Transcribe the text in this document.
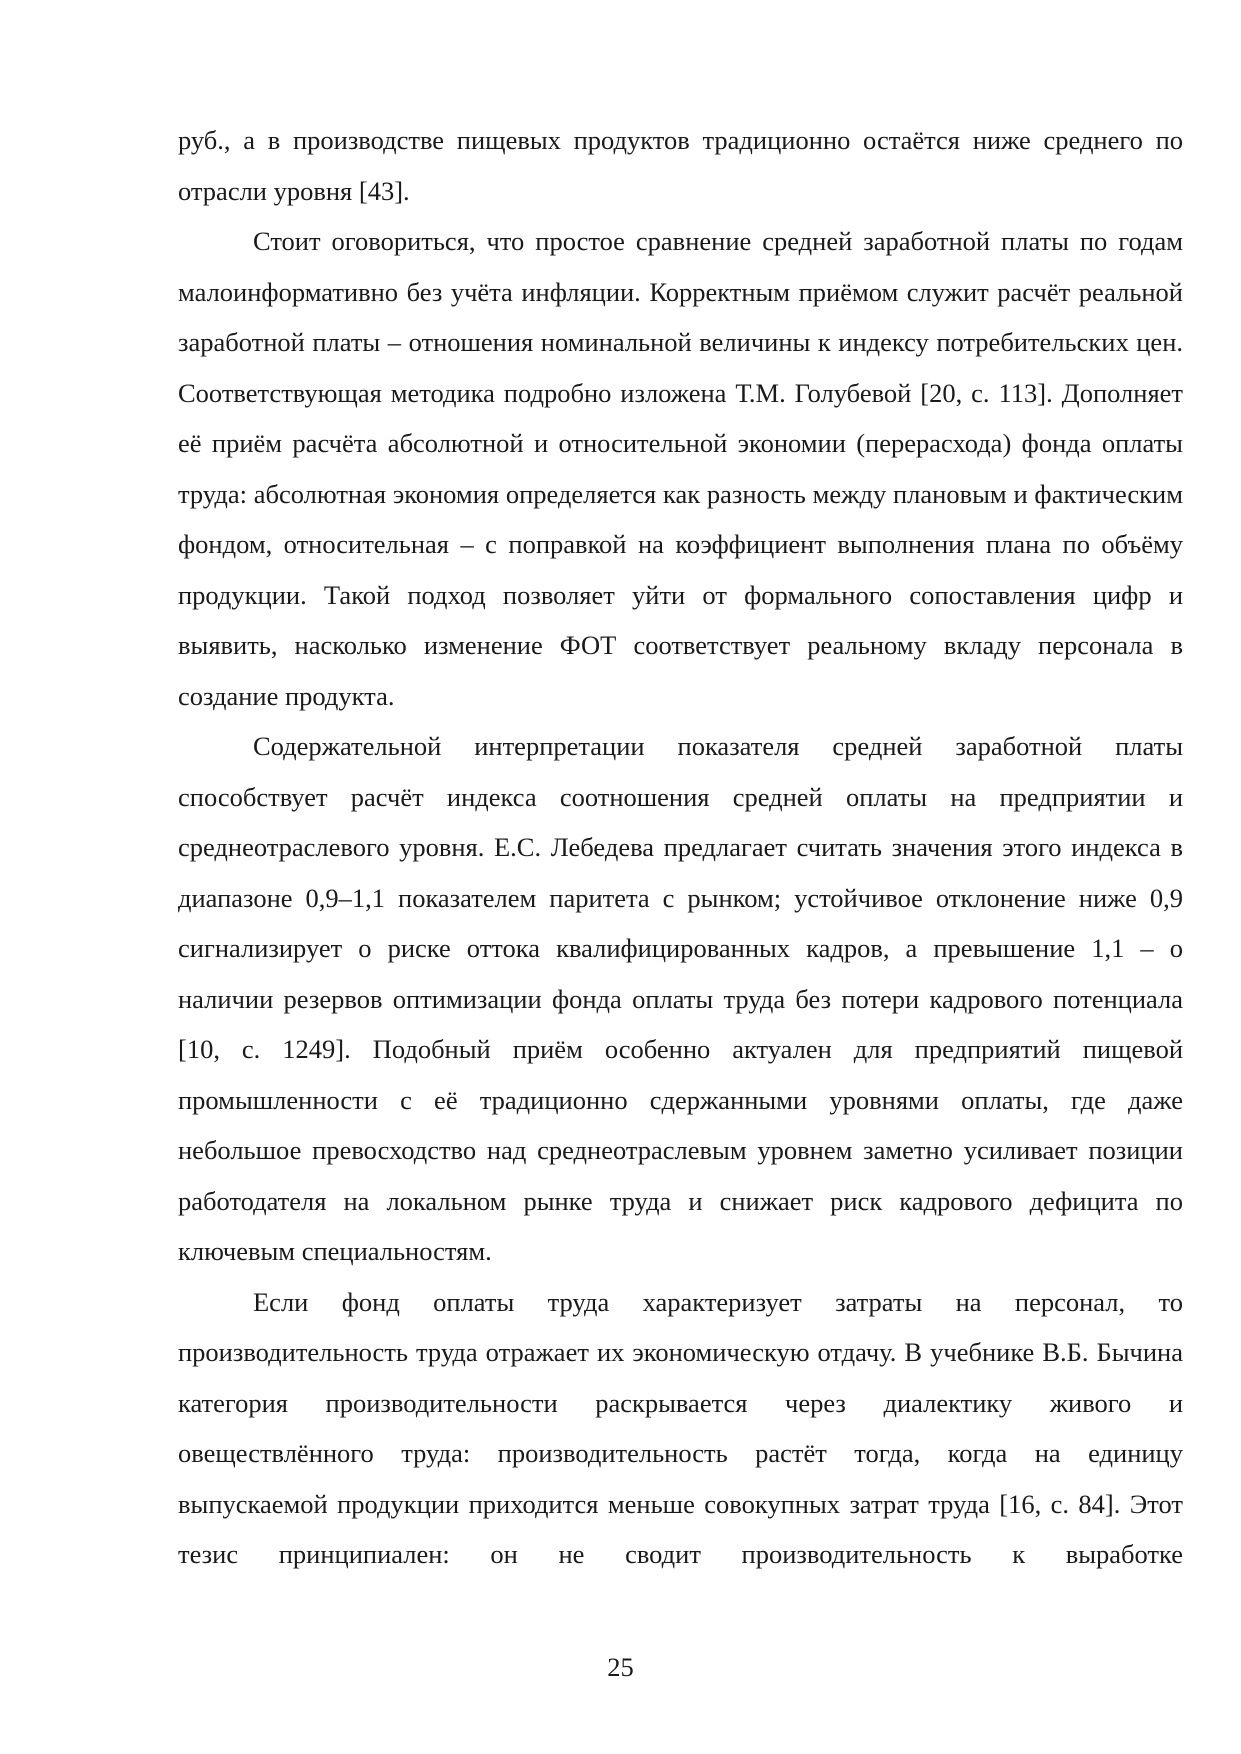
руб., а в производстве пищевых продуктов традиционно остаётся ниже среднего по отрасли уровня [43].

Стоит оговориться, что простое сравнение средней заработной платы по годам малоинформативно без учёта инфляции. Корректным приёмом служит расчёт реальной заработной платы – отношения номинальной величины к индексу потребительских цен. Соответствующая методика подробно изложена Т.М. Голубевой [20, с. 113]. Дополняет её приём расчёта абсолютной и относительной экономии (перерасхода) фонда оплаты труда: абсолютная экономия определяется как разность между плановым и фактическим фондом, относительная – с поправкой на коэффициент выполнения плана по объёму продукции. Такой подход позволяет уйти от формального сопоставления цифр и выявить, насколько изменение ФОТ соответствует реальному вкладу персонала в создание продукта.

Содержательной интерпретации показателя средней заработной платы способствует расчёт индекса соотношения средней оплаты на предприятии и среднеотраслевого уровня. Е.С. Лебедева предлагает считать значения этого индекса в диапазоне 0,9–1,1 показателем паритета с рынком; устойчивое отклонение ниже 0,9 сигнализирует о риске оттока квалифицированных кадров, а превышение 1,1 – о наличии резервов оптимизации фонда оплаты труда без потери кадрового потенциала [10, с. 1249]. Подобный приём особенно актуален для предприятий пищевой промышленности с её традиционно сдержанными уровнями оплаты, где даже небольшое превосходство над среднеотраслевым уровнем заметно усиливает позиции работодателя на локальном рынке труда и снижает риск кадрового дефицита по ключевым специальностям.

Если фонд оплаты труда характеризует затраты на персонал, то производительность труда отражает их экономическую отдачу. В учебнике В.Б. Бычина категория производительности раскрывается через диалектику живого и овеществлённого труда: производительность растёт тогда, когда на единицу выпускаемой продукции приходится меньше совокупных затрат труда [16, с. 84]. Этот тезис принципиален: он не сводит производительность к выработке

25
